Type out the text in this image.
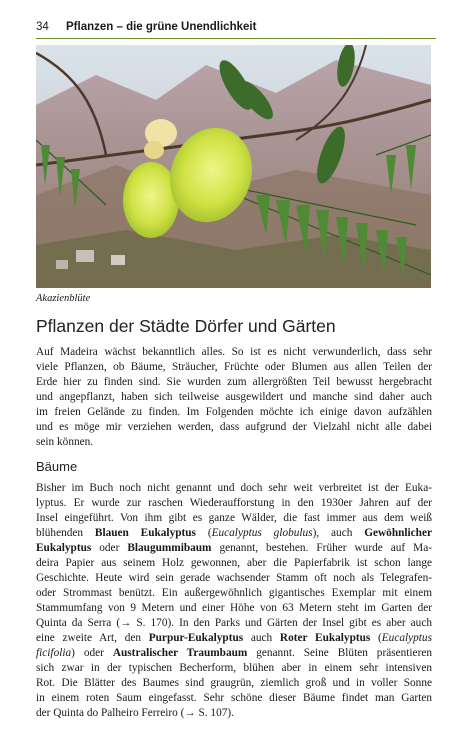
34 Pflanzen – die grüne Unendlichkeit
Akazienblüte
Pflanzen der Städte Dörfer und Gärten
Auf Madeira wächst bekanntlich alles. So ist es nicht verwunderlich, dass sehr
viele Pflanzen, ob Bäume, Sträucher, Früchte oder Blumen aus allen Teilen der
Erde hier zu finden sind. Sie wurden zum allergrößten Teil bewusst hergebracht
und angepflanzt, haben sich teilweise ausgewildert und manche sind daher auch
im freien Gelände zu finden. Im Folgenden möchte ich einige davon aufzählen
und es möge mir verziehen werden, dass aufgrund der Vielzahl nicht alle dabei
sein können.
Bäume
Bisher im Buch noch nicht genannt und doch sehr weit verbreitet ist der Euka-
lyptus. Er wurde zur raschen Wiederaufforstung in den 1930er Jahren auf der
Insel eingeführt. Von ihm gibt es ganze Wälder, die fast immer aus dem weiß
blühenden Blauen Eukalyptus (Eucalyptus globulus), auch Gewöhnlicher
Eukalyptus oder Blaugummibaum genannt, bestehen. Früher wurde auf Ma-
deira Papier aus seinem Holz gewonnen, aber die Papierfabrik ist schon lange
Geschichte. Heute wird sein gerade wachsender Stamm oft noch als Telegrafen-
oder Strommast benützt. Ein außergewöhnlich gigantisches Exemplar mit einem
Stammumfang von 9 Metern und einer Höhe von 63 Metern steht im Garten der
Quinta da Serra (→ S. 170). In den Parks und Gärten der Insel gibt es aber auch
eine zweite Art, den Purpur-Eukalyptus auch Roter Eukalyptus (Eucalyptus
ficifolia) oder Australischer Traumbaum genannt. Seine Blüten präsentieren
sich zwar in der typischen Becherform, blühen aber in einem sehr intensiven
Rot. Die Blätter des Baumes sind graugrün, ziemlich groß und in voller Sonne
in einem roten Saum eingefasst. Sehr schöne dieser Bäume findet man Garten
der Quinta do Palheiro Ferreiro (→ S. 107).
